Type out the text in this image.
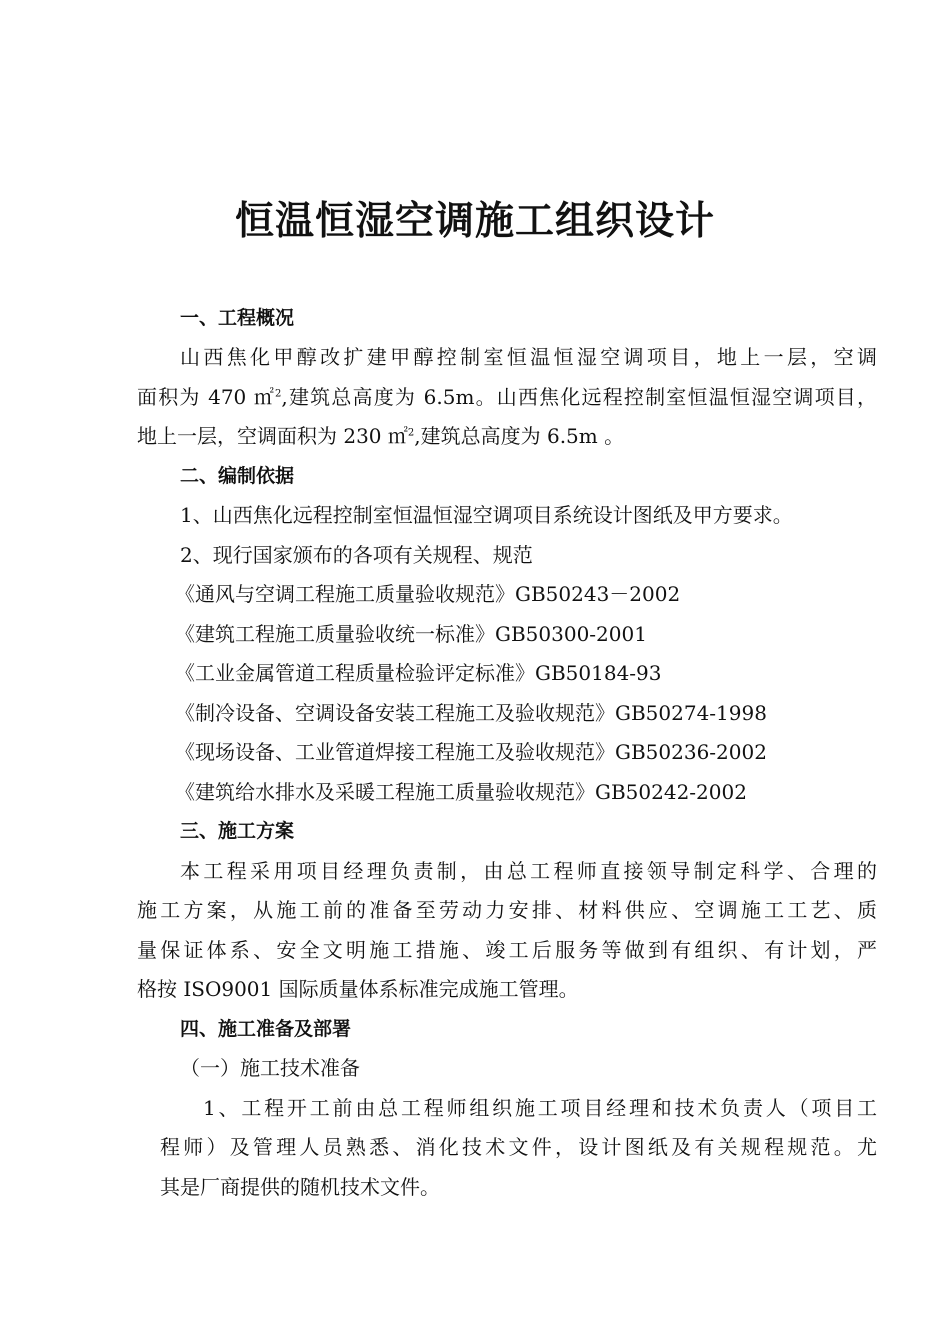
恒温恒湿空调施工组织设计
一、工程概况
山西焦化甲醇改扩建甲醇控制室恒温恒湿空调项目，地上一层，空调
面积为 470 ㎡$^2$,建筑总高度为 6.5m。山西焦化远程控制室恒温恒湿空调项目，
地上一层，空调面积为 230 ㎡$^2$,建筑总高度为 6.5m 。
二、编制依据
1、山西焦化远程控制室恒温恒湿空调项目系统设计图纸及甲方要求。
2、现行国家颁布的各项有关规程、规范
《通风与空调工程施工质量验收规范》GB50243－2002
《建筑工程施工质量验收统一标准》GB50300-2001
《工业金属管道工程质量检验评定标准》GB50184-93
《制冷设备、空调设备安装工程施工及验收规范》GB50274-1998
《现场设备、工业管道焊接工程施工及验收规范》GB50236-2002
《建筑给水排水及采暖工程施工质量验收规范》GB50242-2002
三、施工方案
本工程采用项目经理负责制，由总工程师直接领导制定科学、合理的
施工方案，从施工前的准备至劳动力安排、材料供应、空调施工工艺、质
量保证体系、安全文明施工措施、竣工后服务等做到有组织、有计划，严
格按 ISO9001 国际质量体系标准完成施工管理。
四、施工准备及部署
（一）施工技术准备
1、工程开工前由总工程师组织施工项目经理和技术负责人（项目工
程师）及管理人员熟悉、消化技术文件，设计图纸及有关规程规范。尤
其是厂商提供的随机技术文件。
